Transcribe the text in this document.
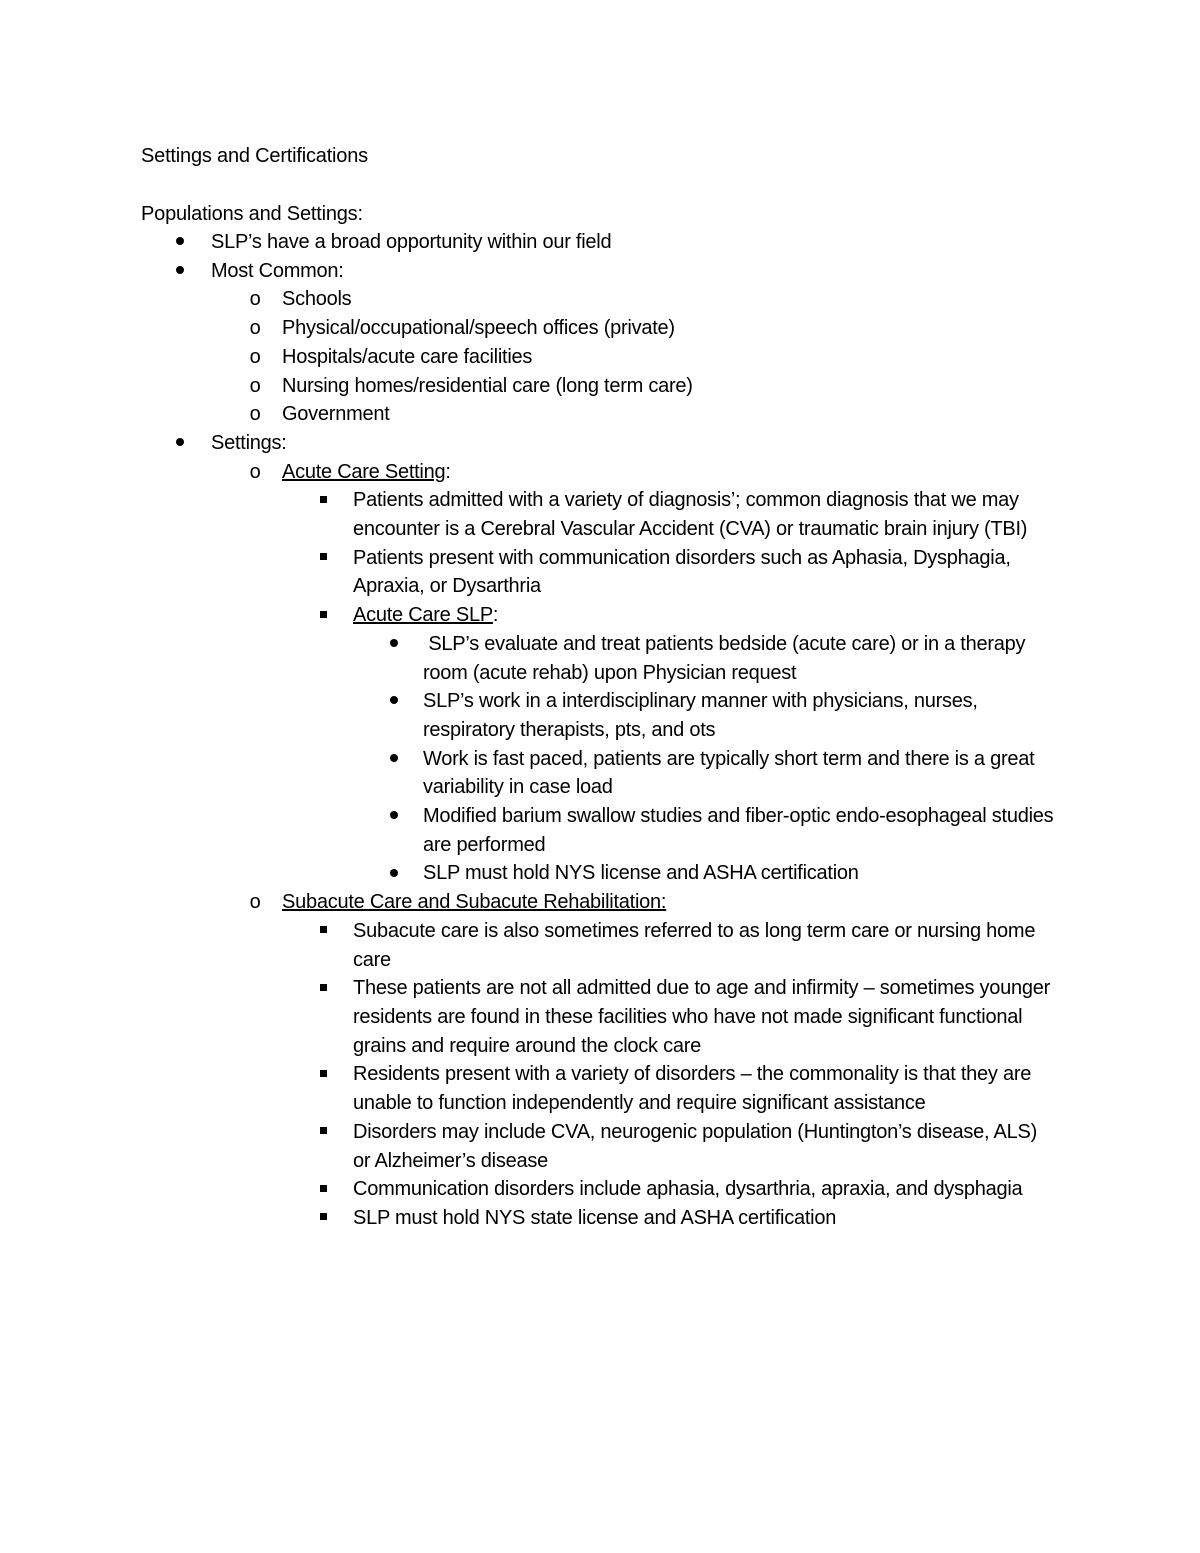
Settings and Certifications
Populations and Settings:
SLP’s have a broad opportunity within our field
Most Common:
o	Schools
o	Physical/occupational/speech offices (private)
o	Hospitals/acute care facilities
o	Nursing homes/residential care (long term care)
o	Government
Settings:
o	Acute Care Setting:
Patients admitted with a variety of diagnosis’; common diagnosis that we may encounter is a Cerebral Vascular Accident (CVA) or traumatic brain injury (TBI)
Patients present with communication disorders such as Aphasia, Dysphagia, Apraxia, or Dysarthria
Acute Care SLP:
SLP’s evaluate and treat patients bedside (acute care) or in a therapy room (acute rehab) upon Physician request
SLP’s work in a interdisciplinary manner with physicians, nurses, respiratory therapists, pts, and ots
Work is fast paced, patients are typically short term and there is a great variability in case load
Modified barium swallow studies and fiber-optic endo-esophageal studies are performed
SLP must hold NYS license and ASHA certification
o	Subacute Care and Subacute Rehabilitation:
Subacute care is also sometimes referred to as long term care or nursing home care
These patients are not all admitted due to age and infirmity – sometimes younger residents are found in these facilities who have not made significant functional grains and require around the clock care
Residents present with a variety of disorders – the commonality is that they are unable to function independently and require significant assistance
Disorders may include CVA, neurogenic population (Huntington’s disease, ALS) or Alzheimer’s disease
Communication disorders include aphasia, dysarthria, apraxia, and dysphagia
SLP must hold NYS state license and ASHA certification
